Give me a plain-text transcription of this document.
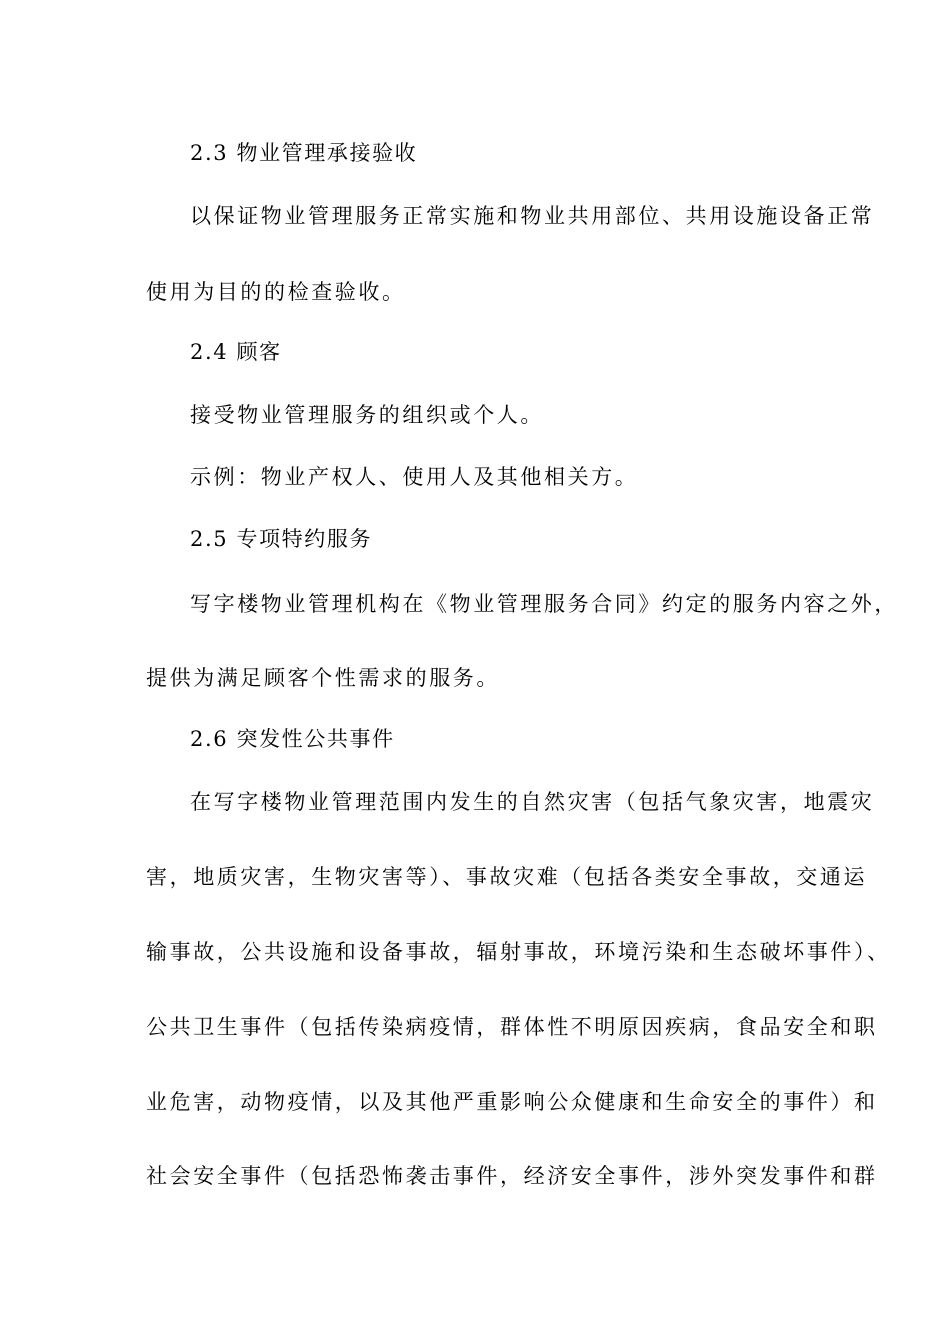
2.3 物业管理承接验收
以保证物业管理服务正常实施和物业共用部位、共用设施设备正常
使用为目的的检查验收。
2.4 顾客
接受物业管理服务的组织或个人。
示例：物业产权人、使用人及其他相关方。
2.5 专项特约服务
写字楼物业管理机构在《物业管理服务合同》约定的服务内容之外，
提供为满足顾客个性需求的服务。
2.6 突发性公共事件
在写字楼物业管理范围内发生的自然灾害（包括气象灾害，地震灾
害，地质灾害，生物灾害等）、事故灾难（包括各类安全事故，交通运
输事故，公共设施和设备事故，辐射事故，环境污染和生态破坏事件）、
公共卫生事件（包括传染病疫情，群体性不明原因疾病，食品安全和职
业危害，动物疫情，以及其他严重影响公众健康和生命安全的事件）和
社会安全事件（包括恐怖袭击事件，经济安全事件，涉外突发事件和群
